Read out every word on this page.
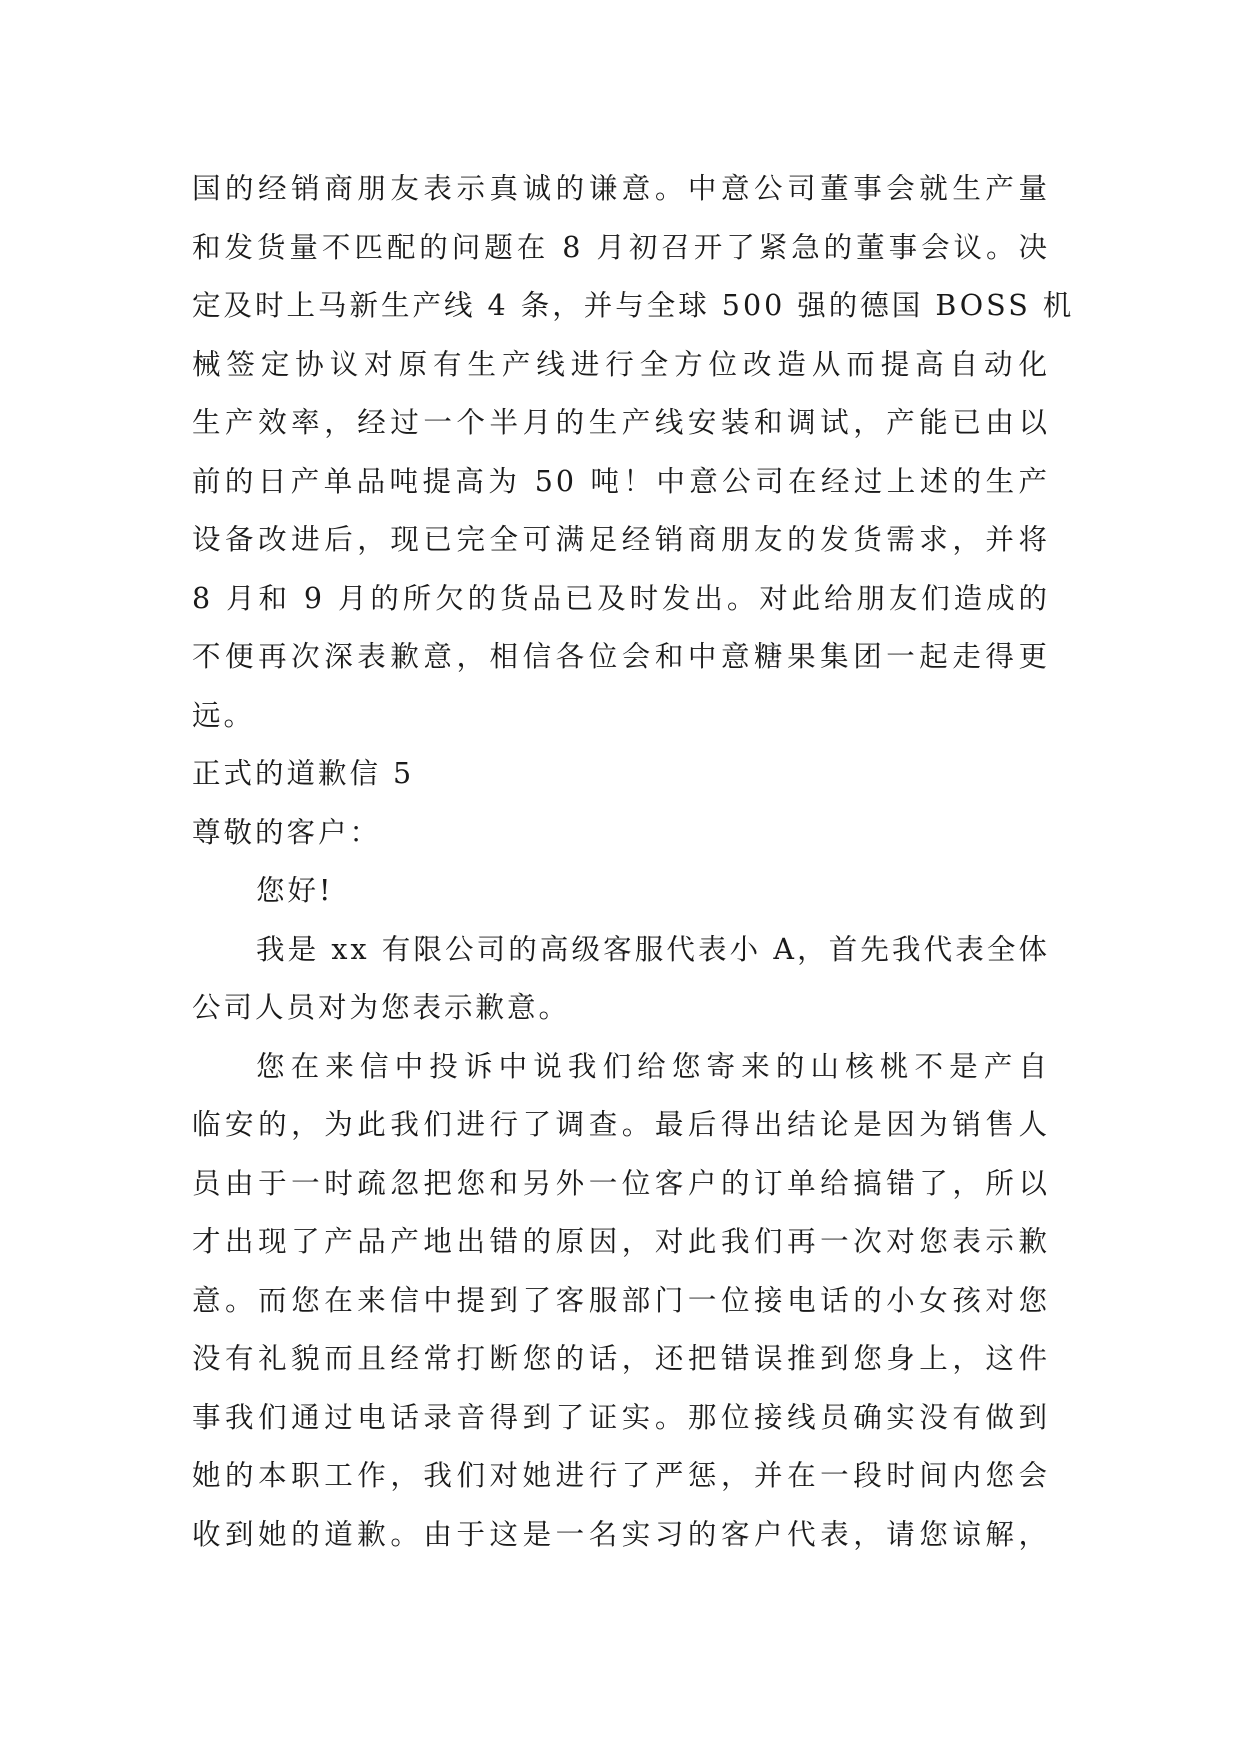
国的经销商朋友表示真诚的谦意。中意公司董事会就生产量
和发货量不匹配的问题在 8 月初召开了紧急的董事会议。决
定及时上马新生产线 4 条，并与全球 500 强的德国 BOSS 机
械签定协议对原有生产线进行全方位改造从而提高自动化
生产效率，经过一个半月的生产线安装和调试，产能已由以
前的日产单品吨提高为 50 吨！中意公司在经过上述的生产
设备改进后，现已完全可满足经销商朋友的发货需求，并将
8 月和 9 月的所欠的货品已及时发出。对此给朋友们造成的
不便再次深表歉意，相信各位会和中意糖果集团一起走得更
远。
正式的道歉信 5
尊敬的客户：
您好!
我是 xx 有限公司的高级客服代表小 A，首先我代表全体
公司人员对为您表示歉意。
您在来信中投诉中说我们给您寄来的山核桃不是产自
临安的，为此我们进行了调查。最后得出结论是因为销售人
员由于一时疏忽把您和另外一位客户的订单给搞错了，所以
才出现了产品产地出错的原因，对此我们再一次对您表示歉
意。而您在来信中提到了客服部门一位接电话的小女孩对您
没有礼貌而且经常打断您的话，还把错误推到您身上，这件
事我们通过电话录音得到了证实。那位接线员确实没有做到
她的本职工作，我们对她进行了严惩，并在一段时间内您会
收到她的道歉。由于这是一名实习的客户代表，请您谅解，
